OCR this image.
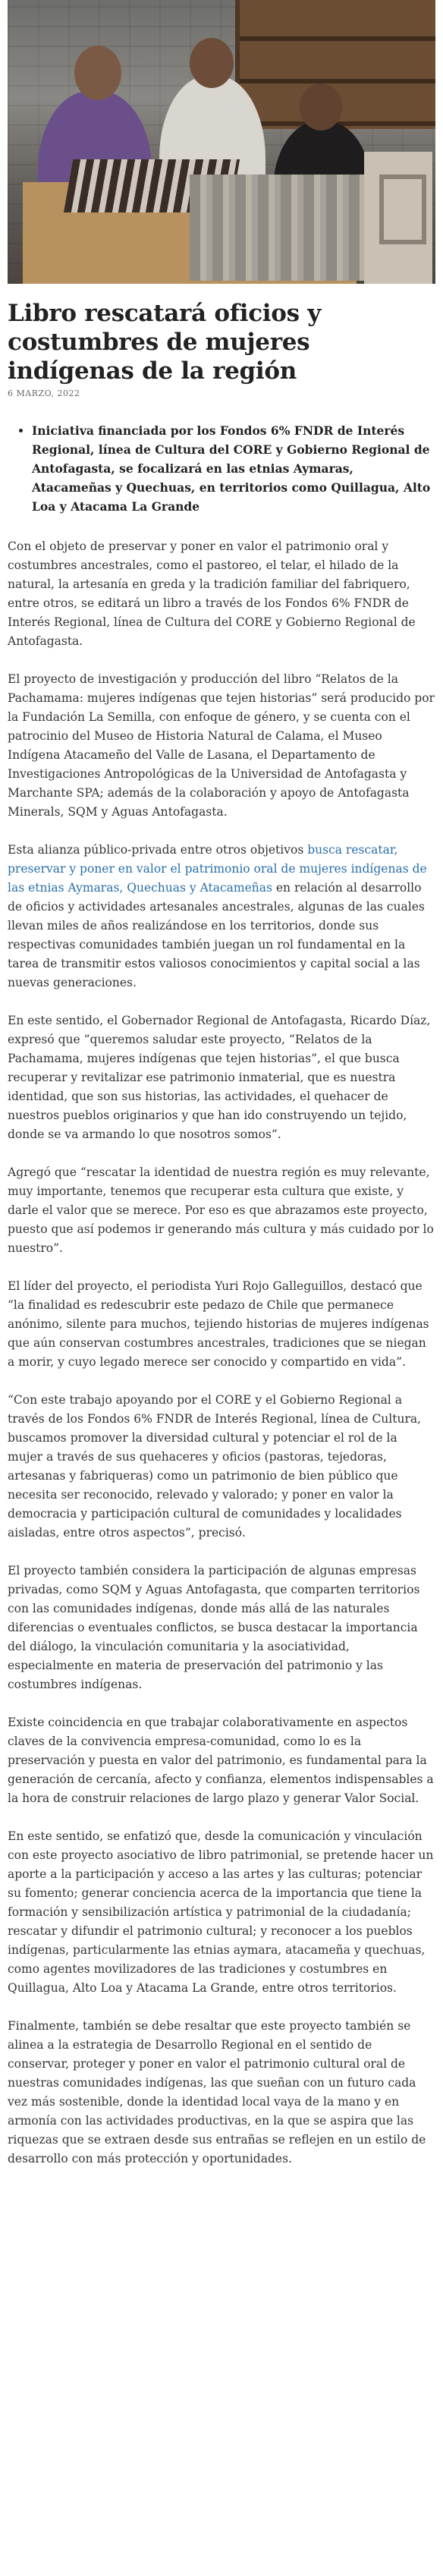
Libro rescatará oficios y costumbres de mujeres indígenas de la región
6 MARZO, 2022
• Iniciativa financiada por los Fondos 6% FNDR de Interés Regional, línea de Cultura del CORE y Gobierno Regional de Antofagasta, se focalizará en las etnias Aymaras, Atacameñas y Quechuas, en territorios como Quillagua, Alto Loa y Atacama La Grande

Con el objeto de preservar y poner en valor el patrimonio oral y costumbres ancestrales, como el pastoreo, el telar, el hilado de la natural, la artesanía en greda y la tradición familiar del fabriquero, entre otros, se editará un libro a través de los Fondos 6% FNDR de Interés Regional, línea de Cultura del CORE y Gobierno Regional de Antofagasta.

El proyecto de investigación y producción del libro “Relatos de la Pachamama: mujeres indígenas que tejen historias” será producido por la Fundación La Semilla, con enfoque de género, y se cuenta con el patrocinio del Museo de Historia Natural de Calama, el Museo Indígena Atacameño del Valle de Lasana, el Departamento de Investigaciones Antropológicas de la Universidad de Antofagasta y Marchante SPA; además de la colaboración y apoyo de Antofagasta Minerals, SQM y Aguas Antofagasta.

Esta alianza público-privada entre otros objetivos busca rescatar, preservar y poner en valor el patrimonio oral de mujeres indígenas de las etnias Aymaras, Quechuas y Atacameñas en relación al desarrollo de oficios y actividades artesanales ancestrales, algunas de las cuales llevan miles de años realizándose en los territorios, donde sus respectivas comunidades también juegan un rol fundamental en la tarea de transmitir estos valiosos conocimientos y capital social a las nuevas generaciones.

En este sentido, el Gobernador Regional de Antofagasta, Ricardo Díaz, expresó que “queremos saludar este proyecto, “Relatos de la Pachamama, mujeres indígenas que tejen historias”, el que busca recuperar y revitalizar ese patrimonio inmaterial, que es nuestra identidad, que son sus historias, las actividades, el quehacer de nuestros pueblos originarios y que han ido construyendo un tejido, donde se va armando lo que nosotros somos”.

Agregó que “rescatar la identidad de nuestra región es muy relevante, muy importante, tenemos que recuperar esta cultura que existe, y darle el valor que se merece. Por eso es que abrazamos este proyecto, puesto que así podemos ir generando más cultura y más cuidado por lo nuestro”.

El líder del proyecto, el periodista Yuri Rojo Galleguillos, destacó que “la finalidad es redescubrir este pedazo de Chile que permanece anónimo, silente para muchos, tejiendo historias de mujeres indígenas que aún conservan costumbres ancestrales, tradiciones que se niegan a morir, y cuyo legado merece ser conocido y compartido en vida”.

“Con este trabajo apoyando por el CORE y el Gobierno Regional a través de los Fondos 6% FNDR de Interés Regional, línea de Cultura, buscamos promover la diversidad cultural y potenciar el rol de la mujer a través de sus quehaceres y oficios (pastoras, tejedoras, artesanas y fabriqueras) como un patrimonio de bien público que necesita ser reconocido, relevado y valorado; y poner en valor la democracia y participación cultural de comunidades y localidades aisladas, entre otros aspectos”, precisó.

El proyecto también considera la participación de algunas empresas privadas, como SQM y Aguas Antofagasta, que comparten territorios con las comunidades indígenas, donde más allá de las naturales diferencias o eventuales conflictos, se busca destacar la importancia del diálogo, la vinculación comunitaria y la asociatividad, especialmente en materia de preservación del patrimonio y las costumbres indígenas.

Existe coincidencia en que trabajar colaborativamente en aspectos claves de la convivencia empresa-comunidad, como lo es la preservación y puesta en valor del patrimonio, es fundamental para la generación de cercanía, afecto y confianza, elementos indispensables a la hora de construir relaciones de largo plazo y generar Valor Social.

En este sentido, se enfatizó que, desde la comunicación y vinculación con este proyecto asociativo de libro patrimonial, se pretende hacer un aporte a la participación y acceso a las artes y las culturas; potenciar su fomento; generar conciencia acerca de la importancia que tiene la formación y sensibilización artística y patrimonial de la ciudadanía; rescatar y difundir el patrimonio cultural; y reconocer a los pueblos indígenas, particularmente las etnias aymara, atacameña y quechuas, como agentes movilizadores de las tradiciones y costumbres en Quillagua, Alto Loa y Atacama La Grande, entre otros territorios.

Finalmente, también se debe resaltar que este proyecto también se alinea a la estrategia de Desarrollo Regional en el sentido de conservar, proteger y poner en valor el patrimonio cultural oral de nuestras comunidades indígenas, las que sueñan con un futuro cada vez más sostenible, donde la identidad local vaya de la mano y en armonía con las actividades productivas, en la que se aspira que las riquezas que se extraen desde sus entrañas se reflejen en un estilo de desarrollo con más protección y oportunidades.
